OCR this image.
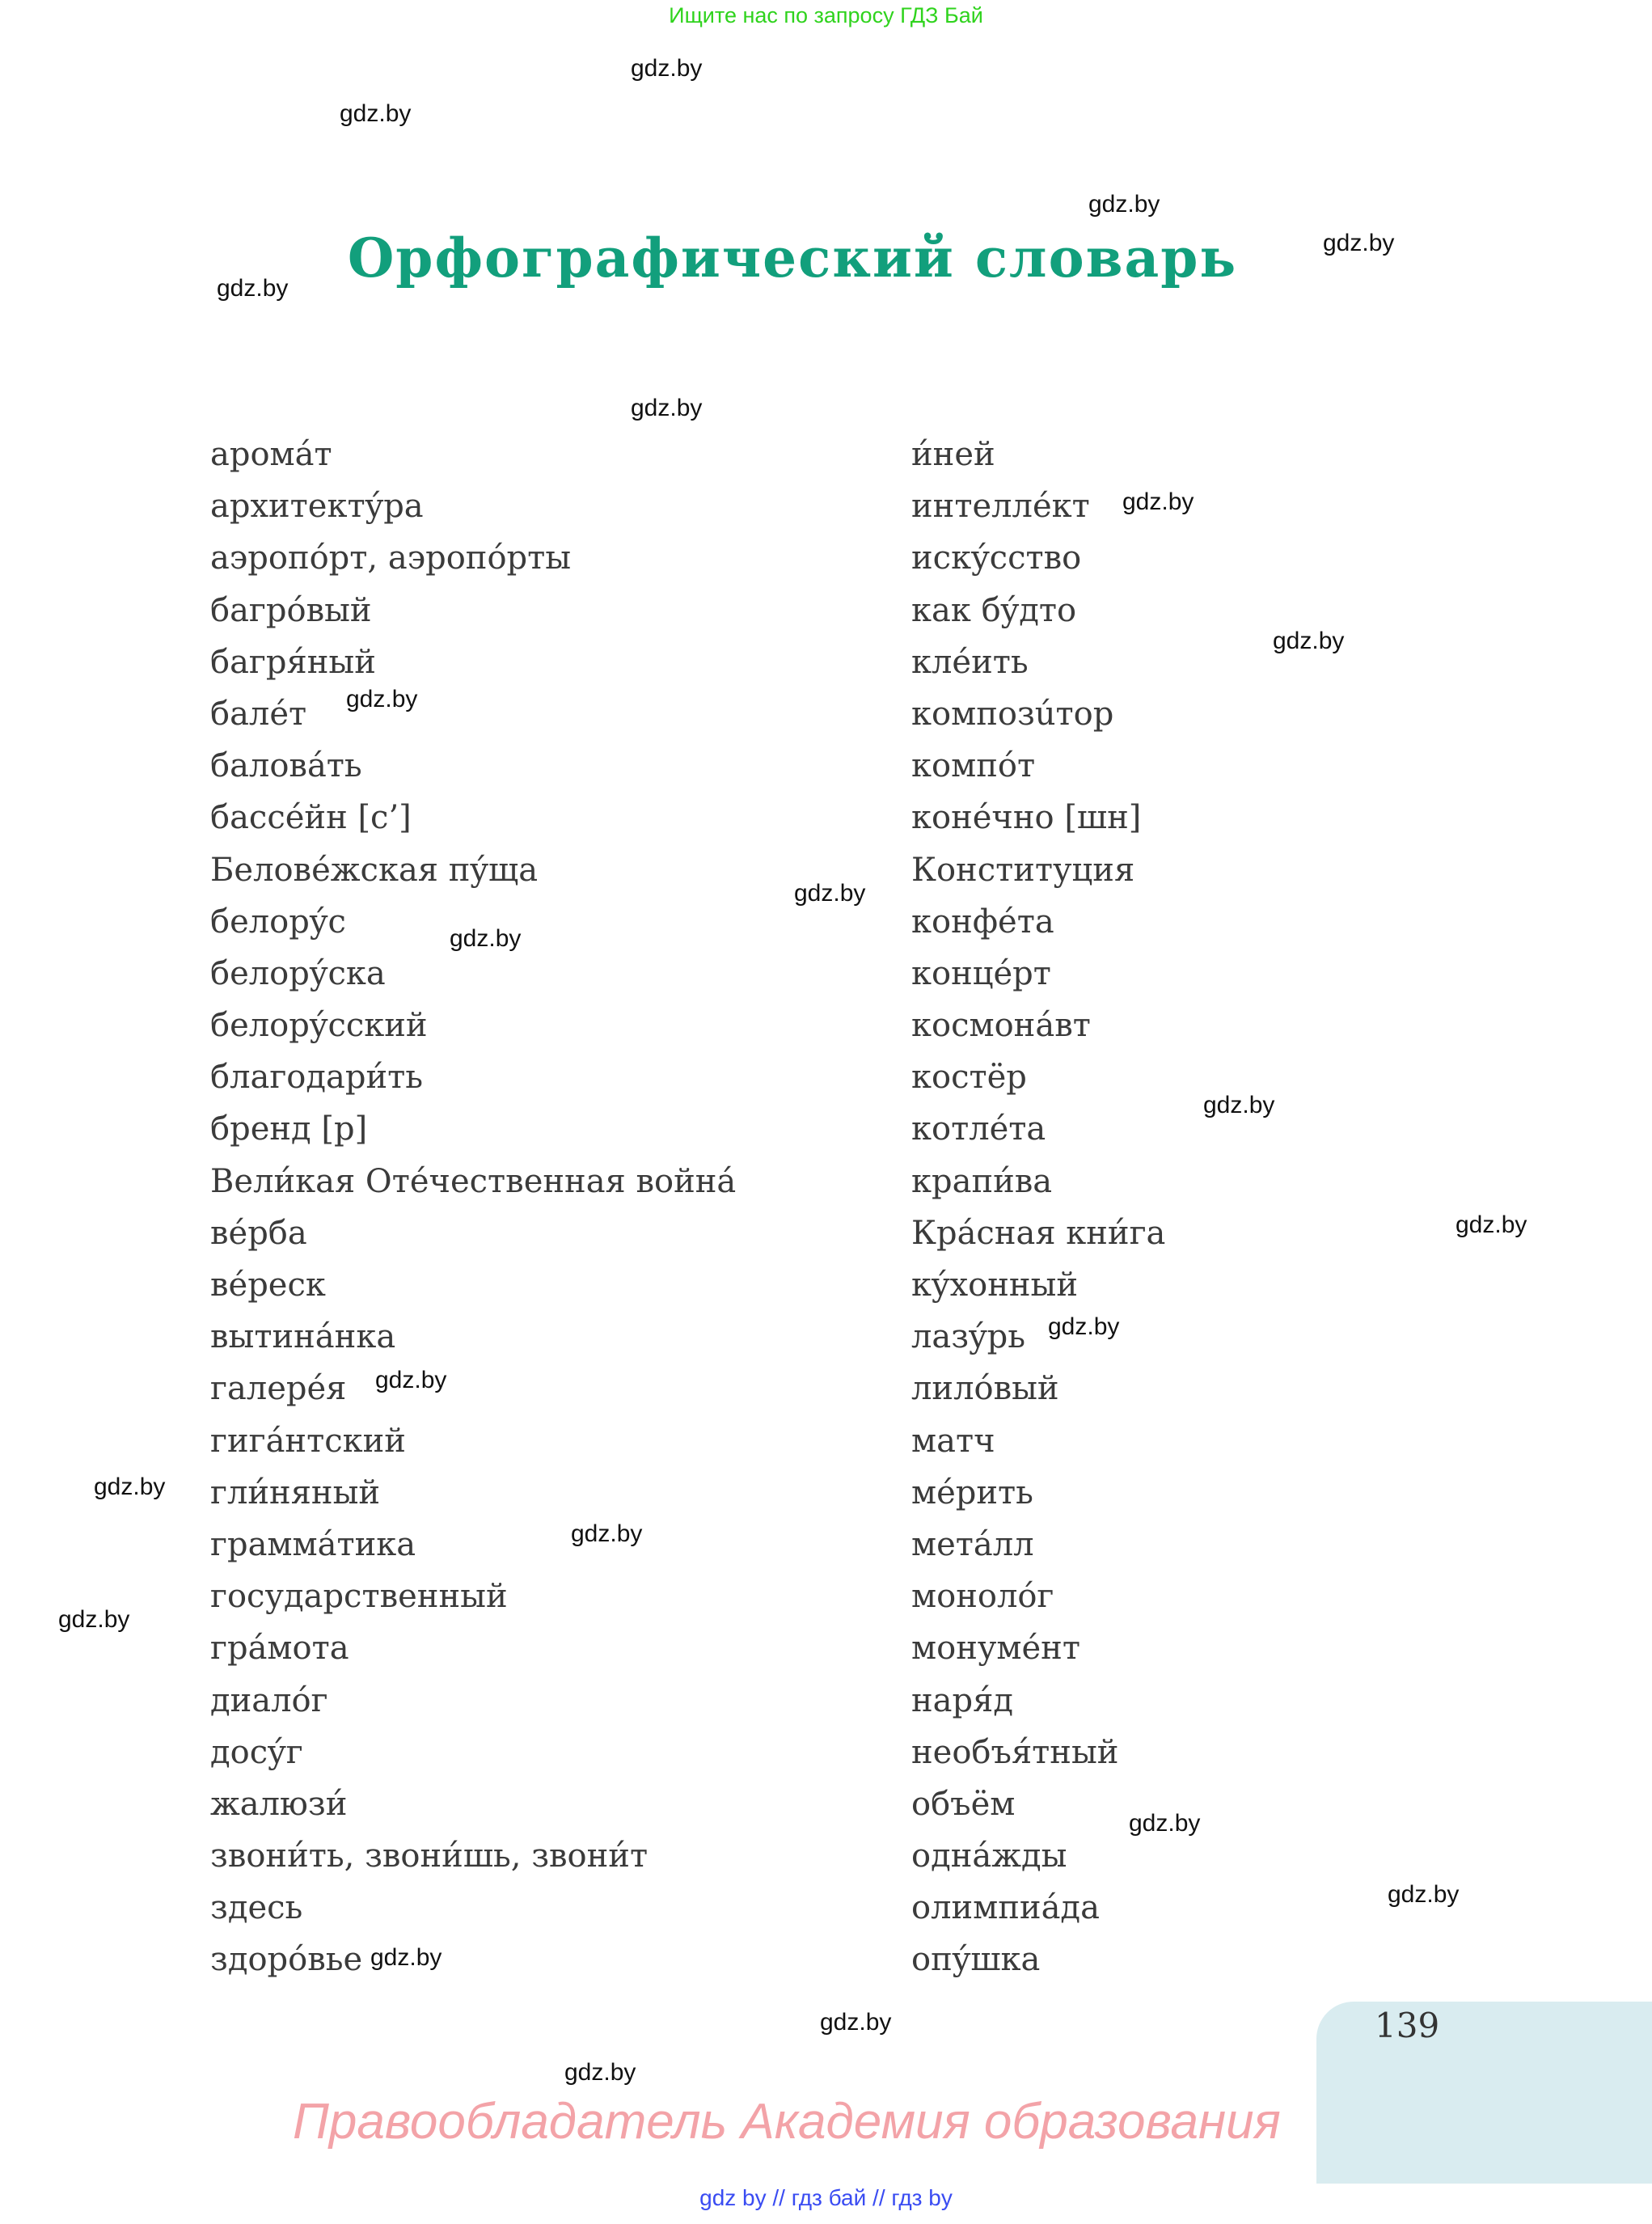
Ищите нас по запросу ГДЗ Бай
Орфографический словарь
аромáт
архитектýра
аэропóрт, аэропóрты
багрóвый
багря́ный
балéт
баловáть
бассéйн [с’]
Беловéжская пýща
белорýс
белорýска
белорýсский
благодари́ть
бренд [р]
Вели́кая Отéчественная войнá
вéрба
вéреск
вытинáнка
галерéя
гигáнтский
гли́няный
граммáтика
государственный
грáмота
диалóг
досýг
жалюзи́
звони́ть, звони́шь, звони́т
здесь
здорóвье
и́ней
интеллéкт
искýсство
как бýдто
клéить
композúтор
компóт
конéчно [шн]
Конституция
конфéта
концéрт
космонáвт
костёр
котлéта
крапи́ва
Крáсная кни́га
кýхонный
лазýрь
лилóвый
матч
мéрить
метáлл
монолóг
монумéнт
наря́д
необъя́тный
объём
однáжды
олимпиáда
опýшка
gdz.by
gdz.by
gdz.by
gdz.by
gdz.by
gdz.by
gdz.by
gdz.by
gdz.by
gdz.by
gdz.by
gdz.by
gdz.by
gdz.by
gdz.by
gdz.by
gdz.by
gdz.by
gdz.by
gdz.by
gdz.by
gdz.by
gdz.by
139
Правообладатель Академия образования
gdz by // гдз бай // гдз by
